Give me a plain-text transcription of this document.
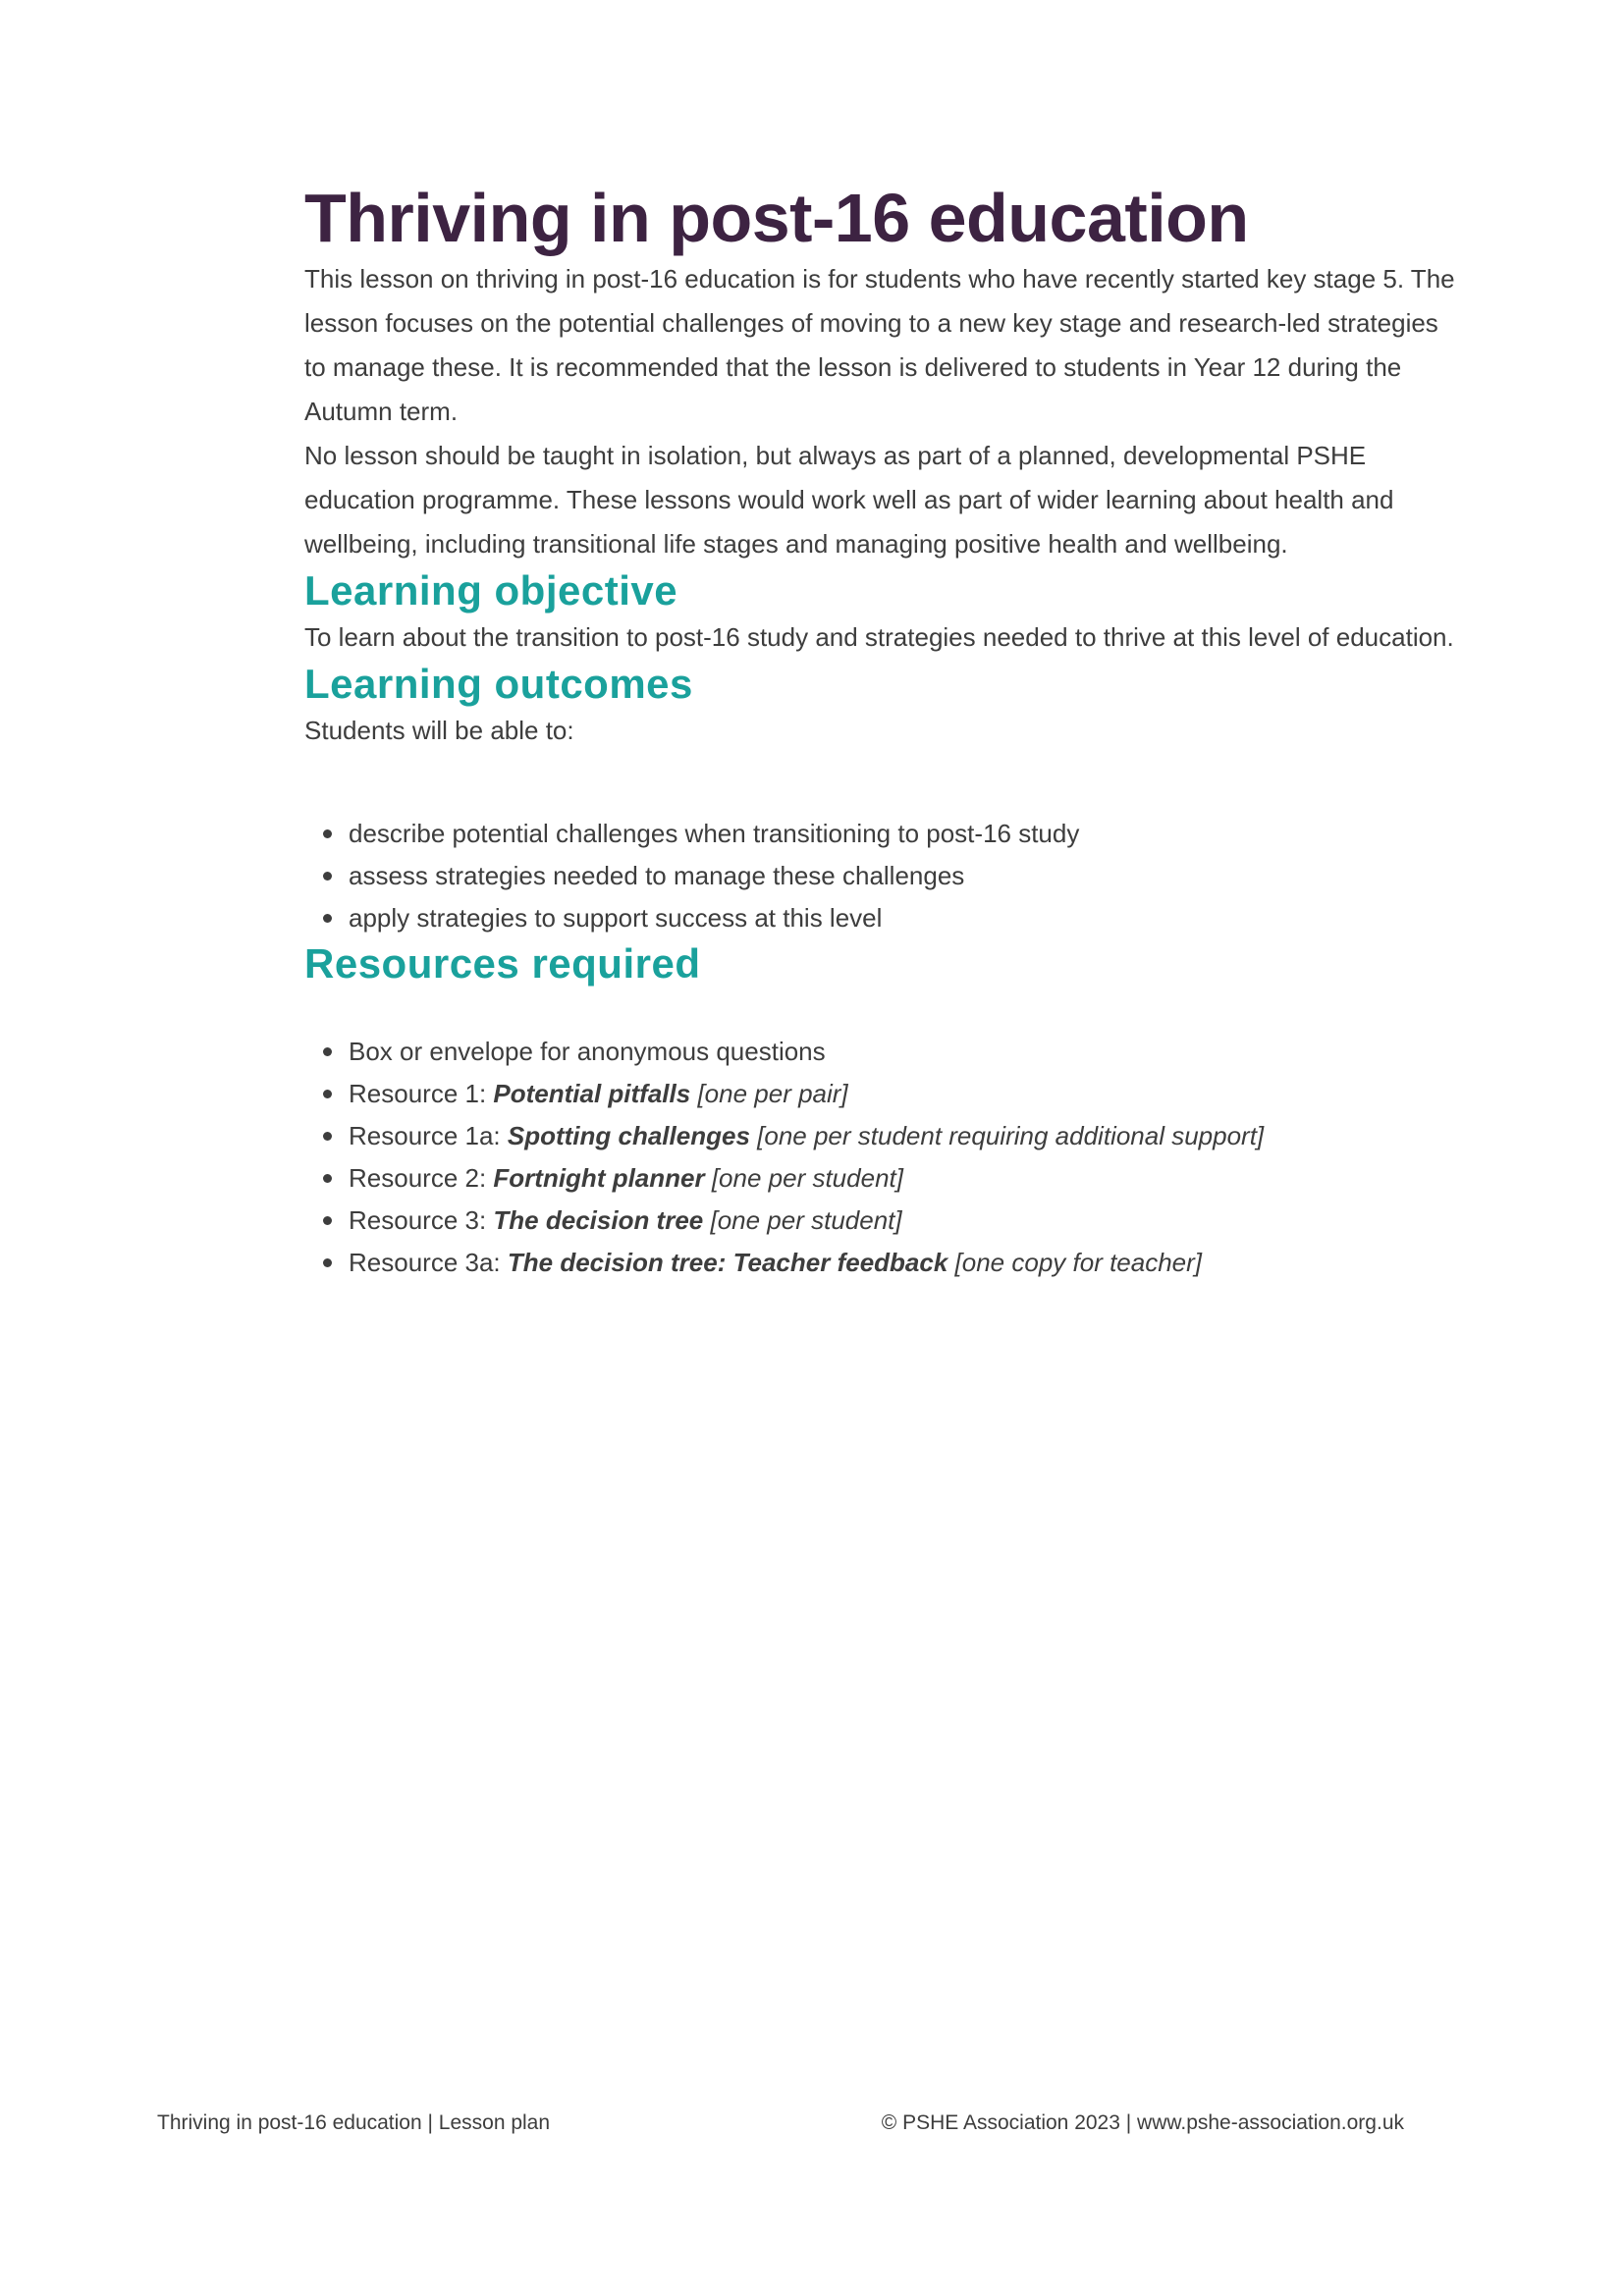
Thriving in post-16 education

This lesson on thriving in post-16 education is for students who have recently started key stage 5. The lesson focuses on the potential challenges of moving to a new key stage and research-led strategies to manage these. It is recommended that the lesson is delivered to students in Year 12 during the Autumn term.

No lesson should be taught in isolation, but always as part of a planned, developmental PSHE education programme. These lessons would work well as part of wider learning about health and wellbeing, including transitional life stages and managing positive health and wellbeing.

Learning objective

To learn about the transition to post-16 study and strategies needed to thrive at this level of education.

Learning outcomes

Students will be able to:

describe potential challenges when transitioning to post-16 study
assess strategies needed to manage these challenges
apply strategies to support success at this level
Resources required
Box or envelope for anonymous questions
Resource 1: Potential pitfalls [one per pair]
Resource 1a: Spotting challenges [one per student requiring additional support]
Resource 2: Fortnight planner [one per student]
Resource 3: The decision tree [one per student]
Resource 3a: The decision tree: Teacher feedback [one copy for teacher]
Thriving in post-16 education | Lesson plan	© PSHE Association 2023 | www.pshe-association.org.uk
